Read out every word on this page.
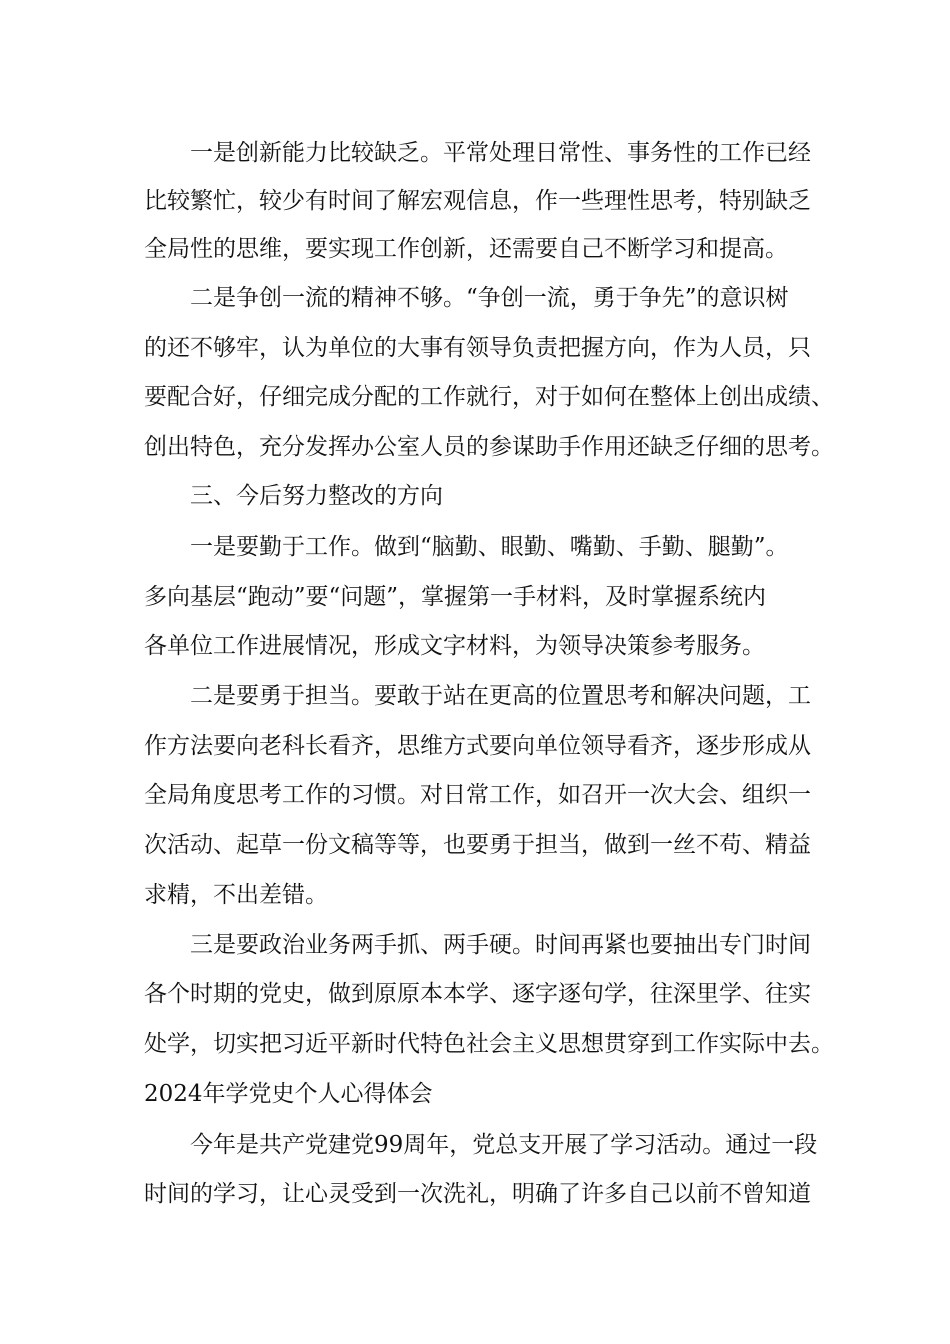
一是创新能力比较缺乏。平常处理日常性、事务性的工作已经
比较繁忙，较少有时间了解宏观信息，作一些理性思考，特别缺乏
全局性的思维，要实现工作创新，还需要自己不断学习和提高。
二是争创一流的精神不够。“争创一流，勇于争先”的意识树
的还不够牢，认为单位的大事有领导负责把握方向，作为人员，只
要配合好，仔细完成分配的工作就行，对于如何在整体上创出成绩、
创出特色，充分发挥办公室人员的参谋助手作用还缺乏仔细的思考。
三、今后努力整改的方向
一是要勤于工作。做到“脑勤、眼勤、嘴勤、手勤、腿勤”。
多向基层“跑动”要“问题”，掌握第一手材料，及时掌握系统内
各单位工作进展情况，形成文字材料，为领导决策参考服务。
二是要勇于担当。要敢于站在更高的位置思考和解决问题，工
作方法要向老科长看齐，思维方式要向单位领导看齐，逐步形成从
全局角度思考工作的习惯。对日常工作，如召开一次大会、组织一
次活动、起草一份文稿等等，也要勇于担当，做到一丝不苟、精益
求精，不出差错。
三是要政治业务两手抓、两手硬。时间再紧也要抽出专门时间
各个时期的党史，做到原原本本学、逐字逐句学，往深里学、往实
处学，切实把习近平新时代特色社会主义思想贯穿到工作实际中去。
2024年学党史个人心得体会
今年是共产党建党99周年，党总支开展了学习活动。通过一段
时间的学习，让心灵受到一次洗礼，明确了许多自己以前不曾知道
